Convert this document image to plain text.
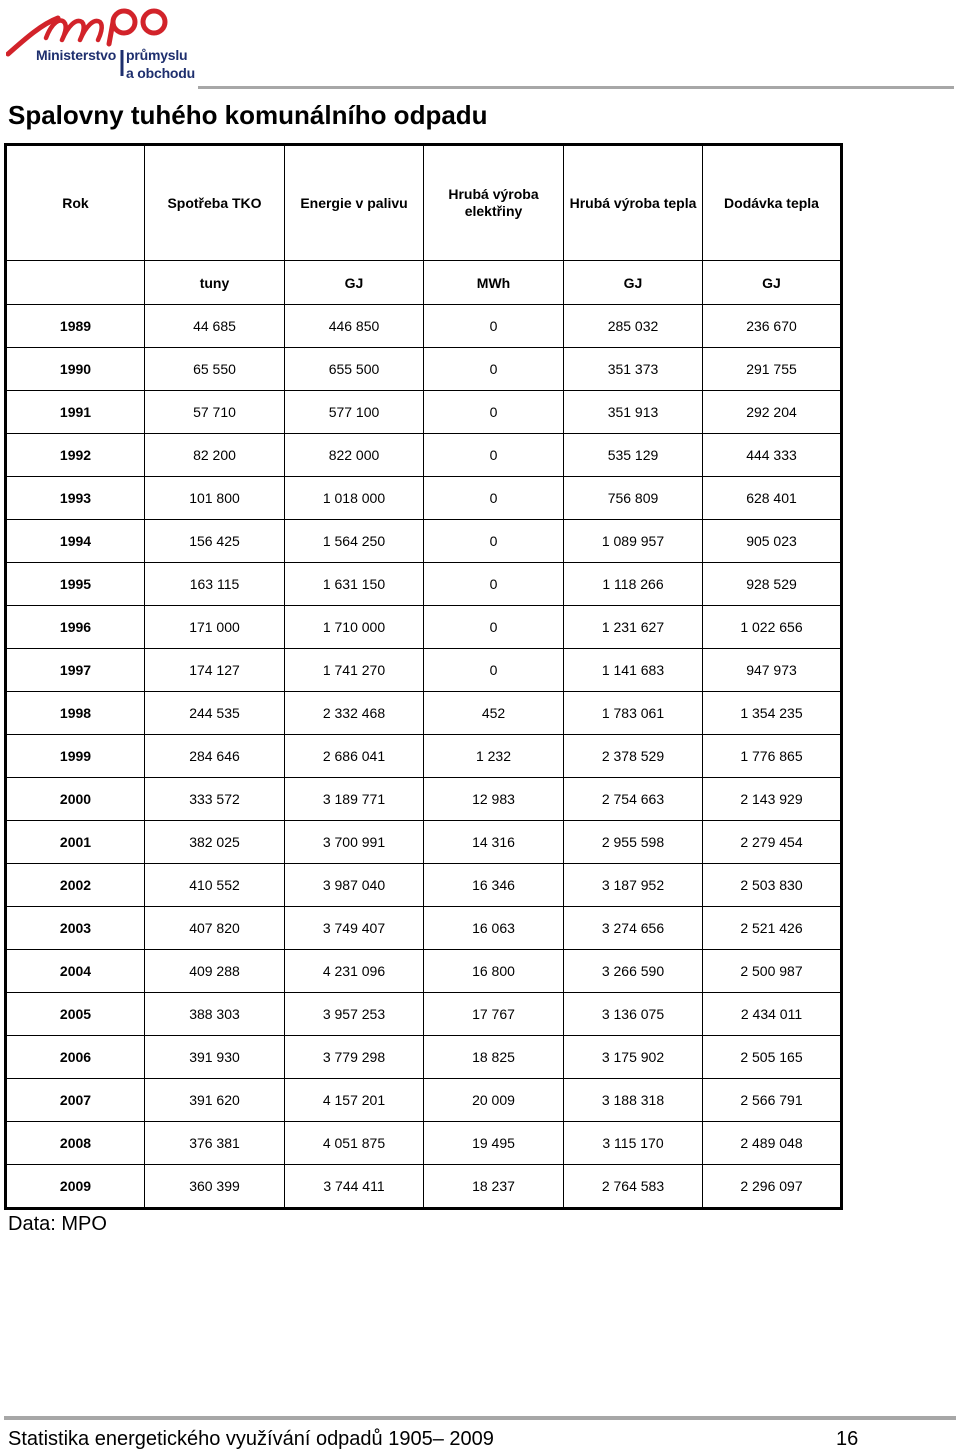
Ministerstvo průmyslu
a obchodu
Spalovny tuhého komunálního odpadu
Rok	Spotřeba TKO	Energie v palivu	Hrubá výroba elektřiny	Hrubá výroba tepla	Dodávka tepla
	tuny	GJ	MWh	GJ	GJ
1989	44 685	446 850	0	285 032	236 670
1990	65 550	655 500	0	351 373	291 755
1991	57 710	577 100	0	351 913	292 204
1992	82 200	822 000	0	535 129	444 333
1993	101 800	1 018 000	0	756 809	628 401
1994	156 425	1 564 250	0	1 089 957	905 023
1995	163 115	1 631 150	0	1 118 266	928 529
1996	171 000	1 710 000	0	1 231 627	1 022 656
1997	174 127	1 741 270	0	1 141 683	947 973
1998	244 535	2 332 468	452	1 783 061	1 354 235
1999	284 646	2 686 041	1 232	2 378 529	1 776 865
2000	333 572	3 189 771	12 983	2 754 663	2 143 929
2001	382 025	3 700 991	14 316	2 955 598	2 279 454
2002	410 552	3 987 040	16 346	3 187 952	2 503 830
2003	407 820	3 749 407	16 063	3 274 656	2 521 426
2004	409 288	4 231 096	16 800	3 266 590	2 500 987
2005	388 303	3 957 253	17 767	3 136 075	2 434 011
2006	391 930	3 779 298	18 825	3 175 902	2 505 165
2007	391 620	4 157 201	20 009	3 188 318	2 566 791
2008	376 381	4 051 875	19 495	3 115 170	2 489 048
2009	360 399	3 744 411	18 237	2 764 583	2 296 097
Data: MPO
Statistika energetického využívání odpadů 1905– 2009	16
